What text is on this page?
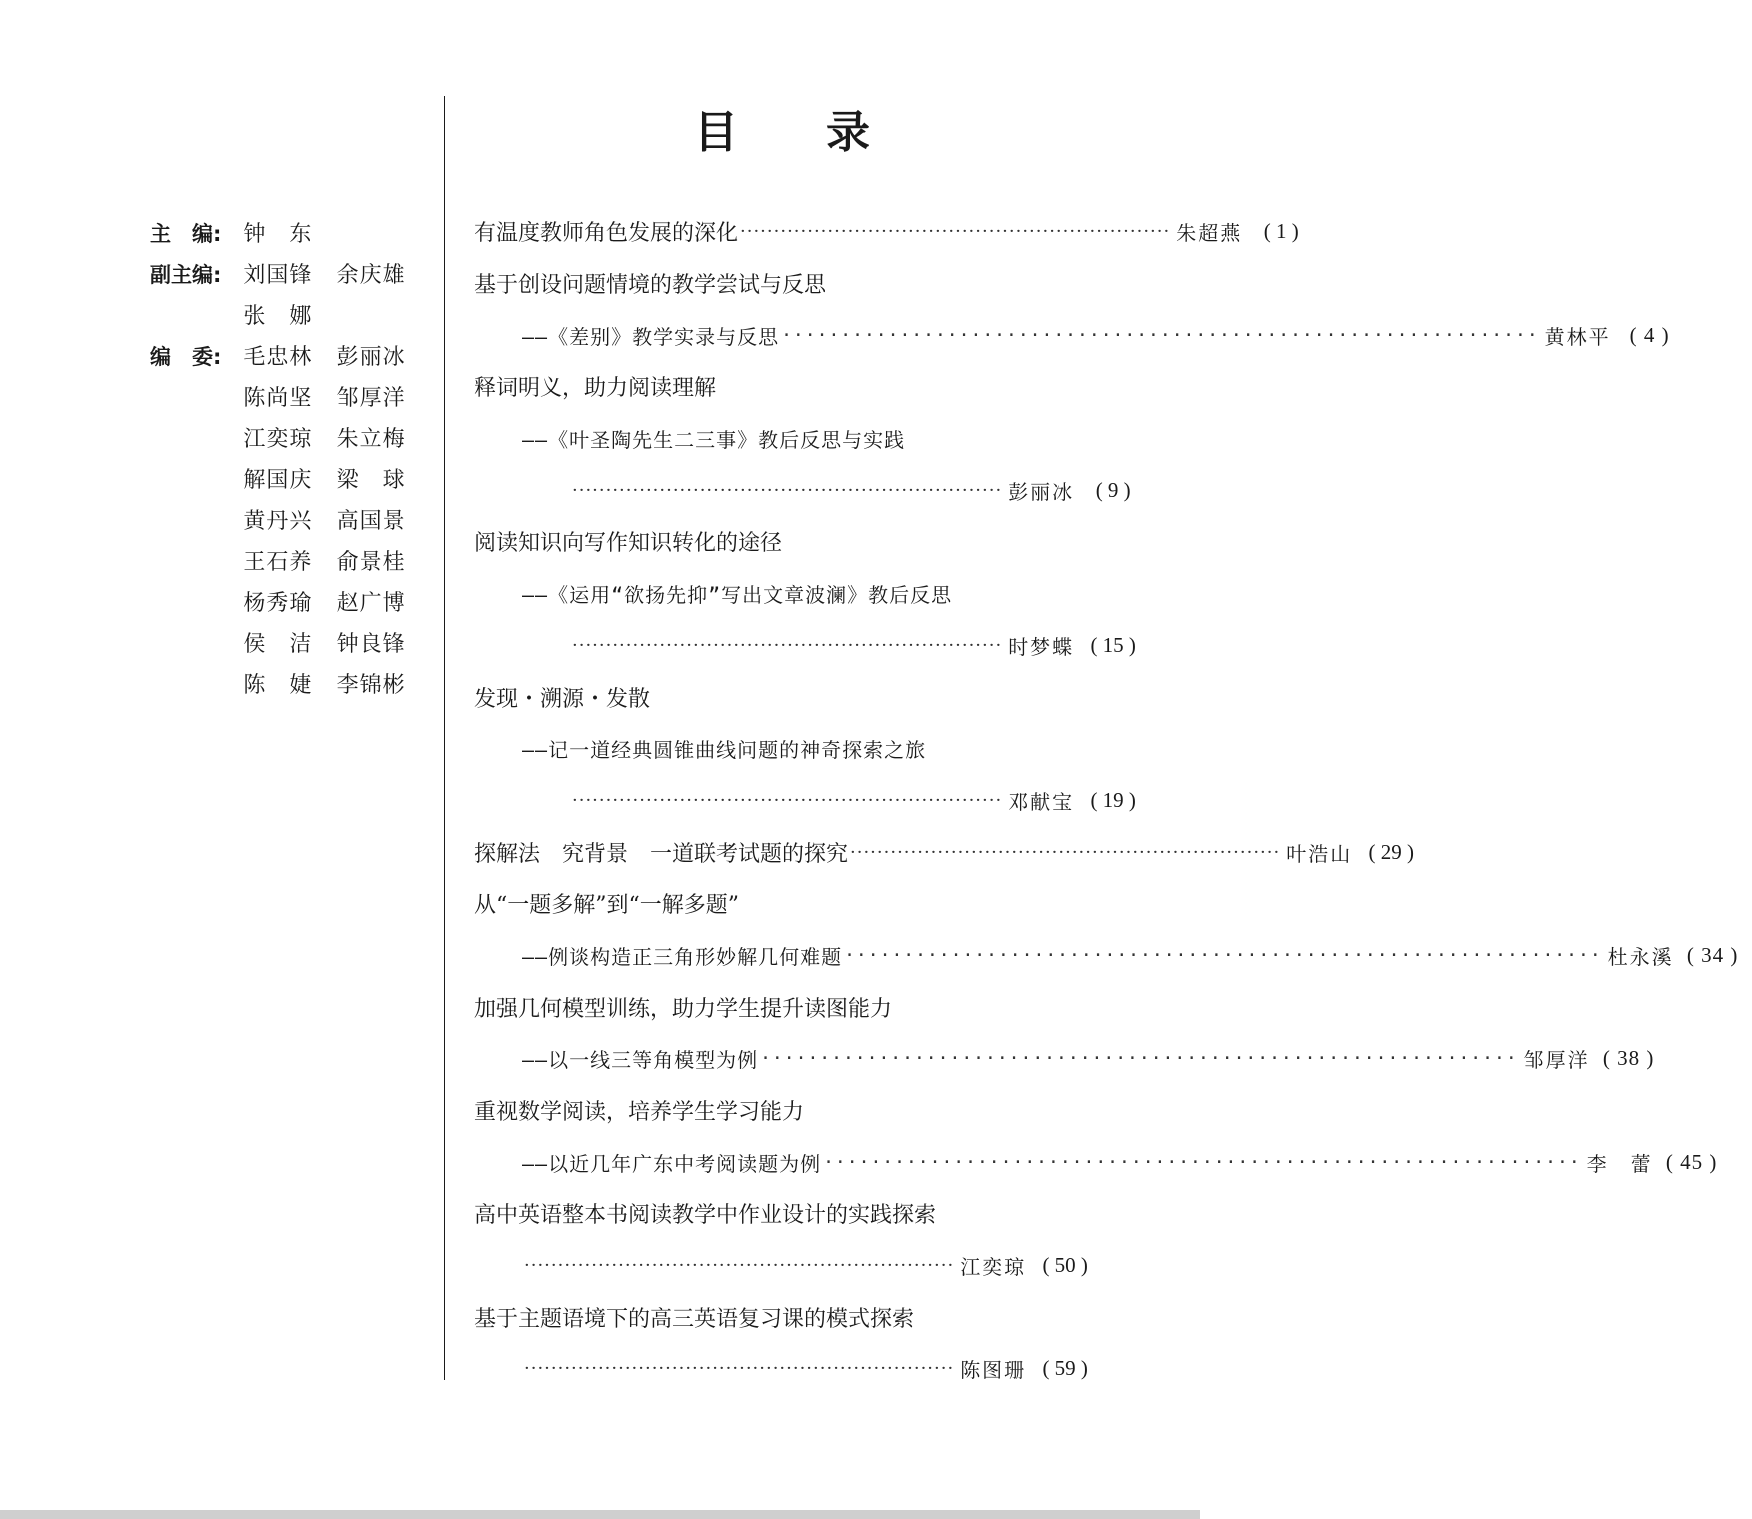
目　　录
主　编: 钟　东
副主编: 刘国锋	余庆雄
张　娜
编　委: 毛忠林	彭丽冰
陈尚坚	邹厚洋
江奕琼	朱立梅
解国庆	梁　球
黄丹兴	高国景
王石养	俞景桂
杨秀瑜	赵广博
侯　洁	钟良锋
陈　婕	李锦彬
有温度教师角色发展的深化 ································································ 朱超燕	( 1 )
基于创设问题情境的教学尝试与反思
——《差别》教学实录与反思 ································································ 黄林平 ( 4 )
释词明义，助力阅读理解
——《叶圣陶先生二三事》教后反思与实践
································································ 彭丽冰	( 9 )
阅读知识向写作知识转化的途径
——《运用“欲扬先抑”写出文章波澜》教后反思
································································ 时梦蝶 ( 15 )
发现・溯源・发散
——记一道经典圆锥曲线问题的神奇探索之旅
································································ 邓献宝 ( 19 )
探解法　究背景　一道联考试题的探究 ································································ 叶浩山 ( 29 )
从“一题多解”到“一解多题”
——例谈构造正三角形妙解几何难题 ································································ 杜永溪 ( 34 )
加强几何模型训练，助力学生提升读图能力
——以一线三等角模型为例 ································································ 邹厚洋 ( 38 )
重视数学阅读，培养学生学习能力
——以近几年广东中考阅读题为例 ································································ 李　蕾 ( 45 )
高中英语整本书阅读教学中作业设计的实践探索
································································ 江奕琼 ( 50 )
基于主题语境下的高三英语复习课的模式探索
································································ 陈图珊 ( 59 )
